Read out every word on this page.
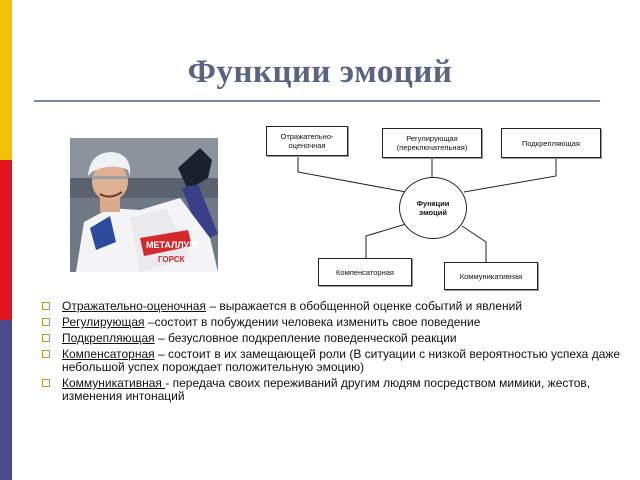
Функции эмоций
МЕТАЛЛУРГ
ГОРСК
Отражательно-
оценочная
Регулирующая
(переключательная)	Подкрепляющая
Функции
эмоций
Компенсаторная	Коммуникативная
Отражательно-оценочная – выражается в обобщенной оценке событий и явлений
Регулирующая –состоит в побуждении человека изменить свое поведение
Подкрепляющая – безусловное подкрепление поведенческой реакции
Компенсаторная – состоит в их замещающей роли (В ситуации с низкой вероятностью успеха даже небольшой успех порождает положительную эмоцию)
Коммуникативная - передача своих переживаний другим людям посредством мимики, жестов, изменения интонаций
